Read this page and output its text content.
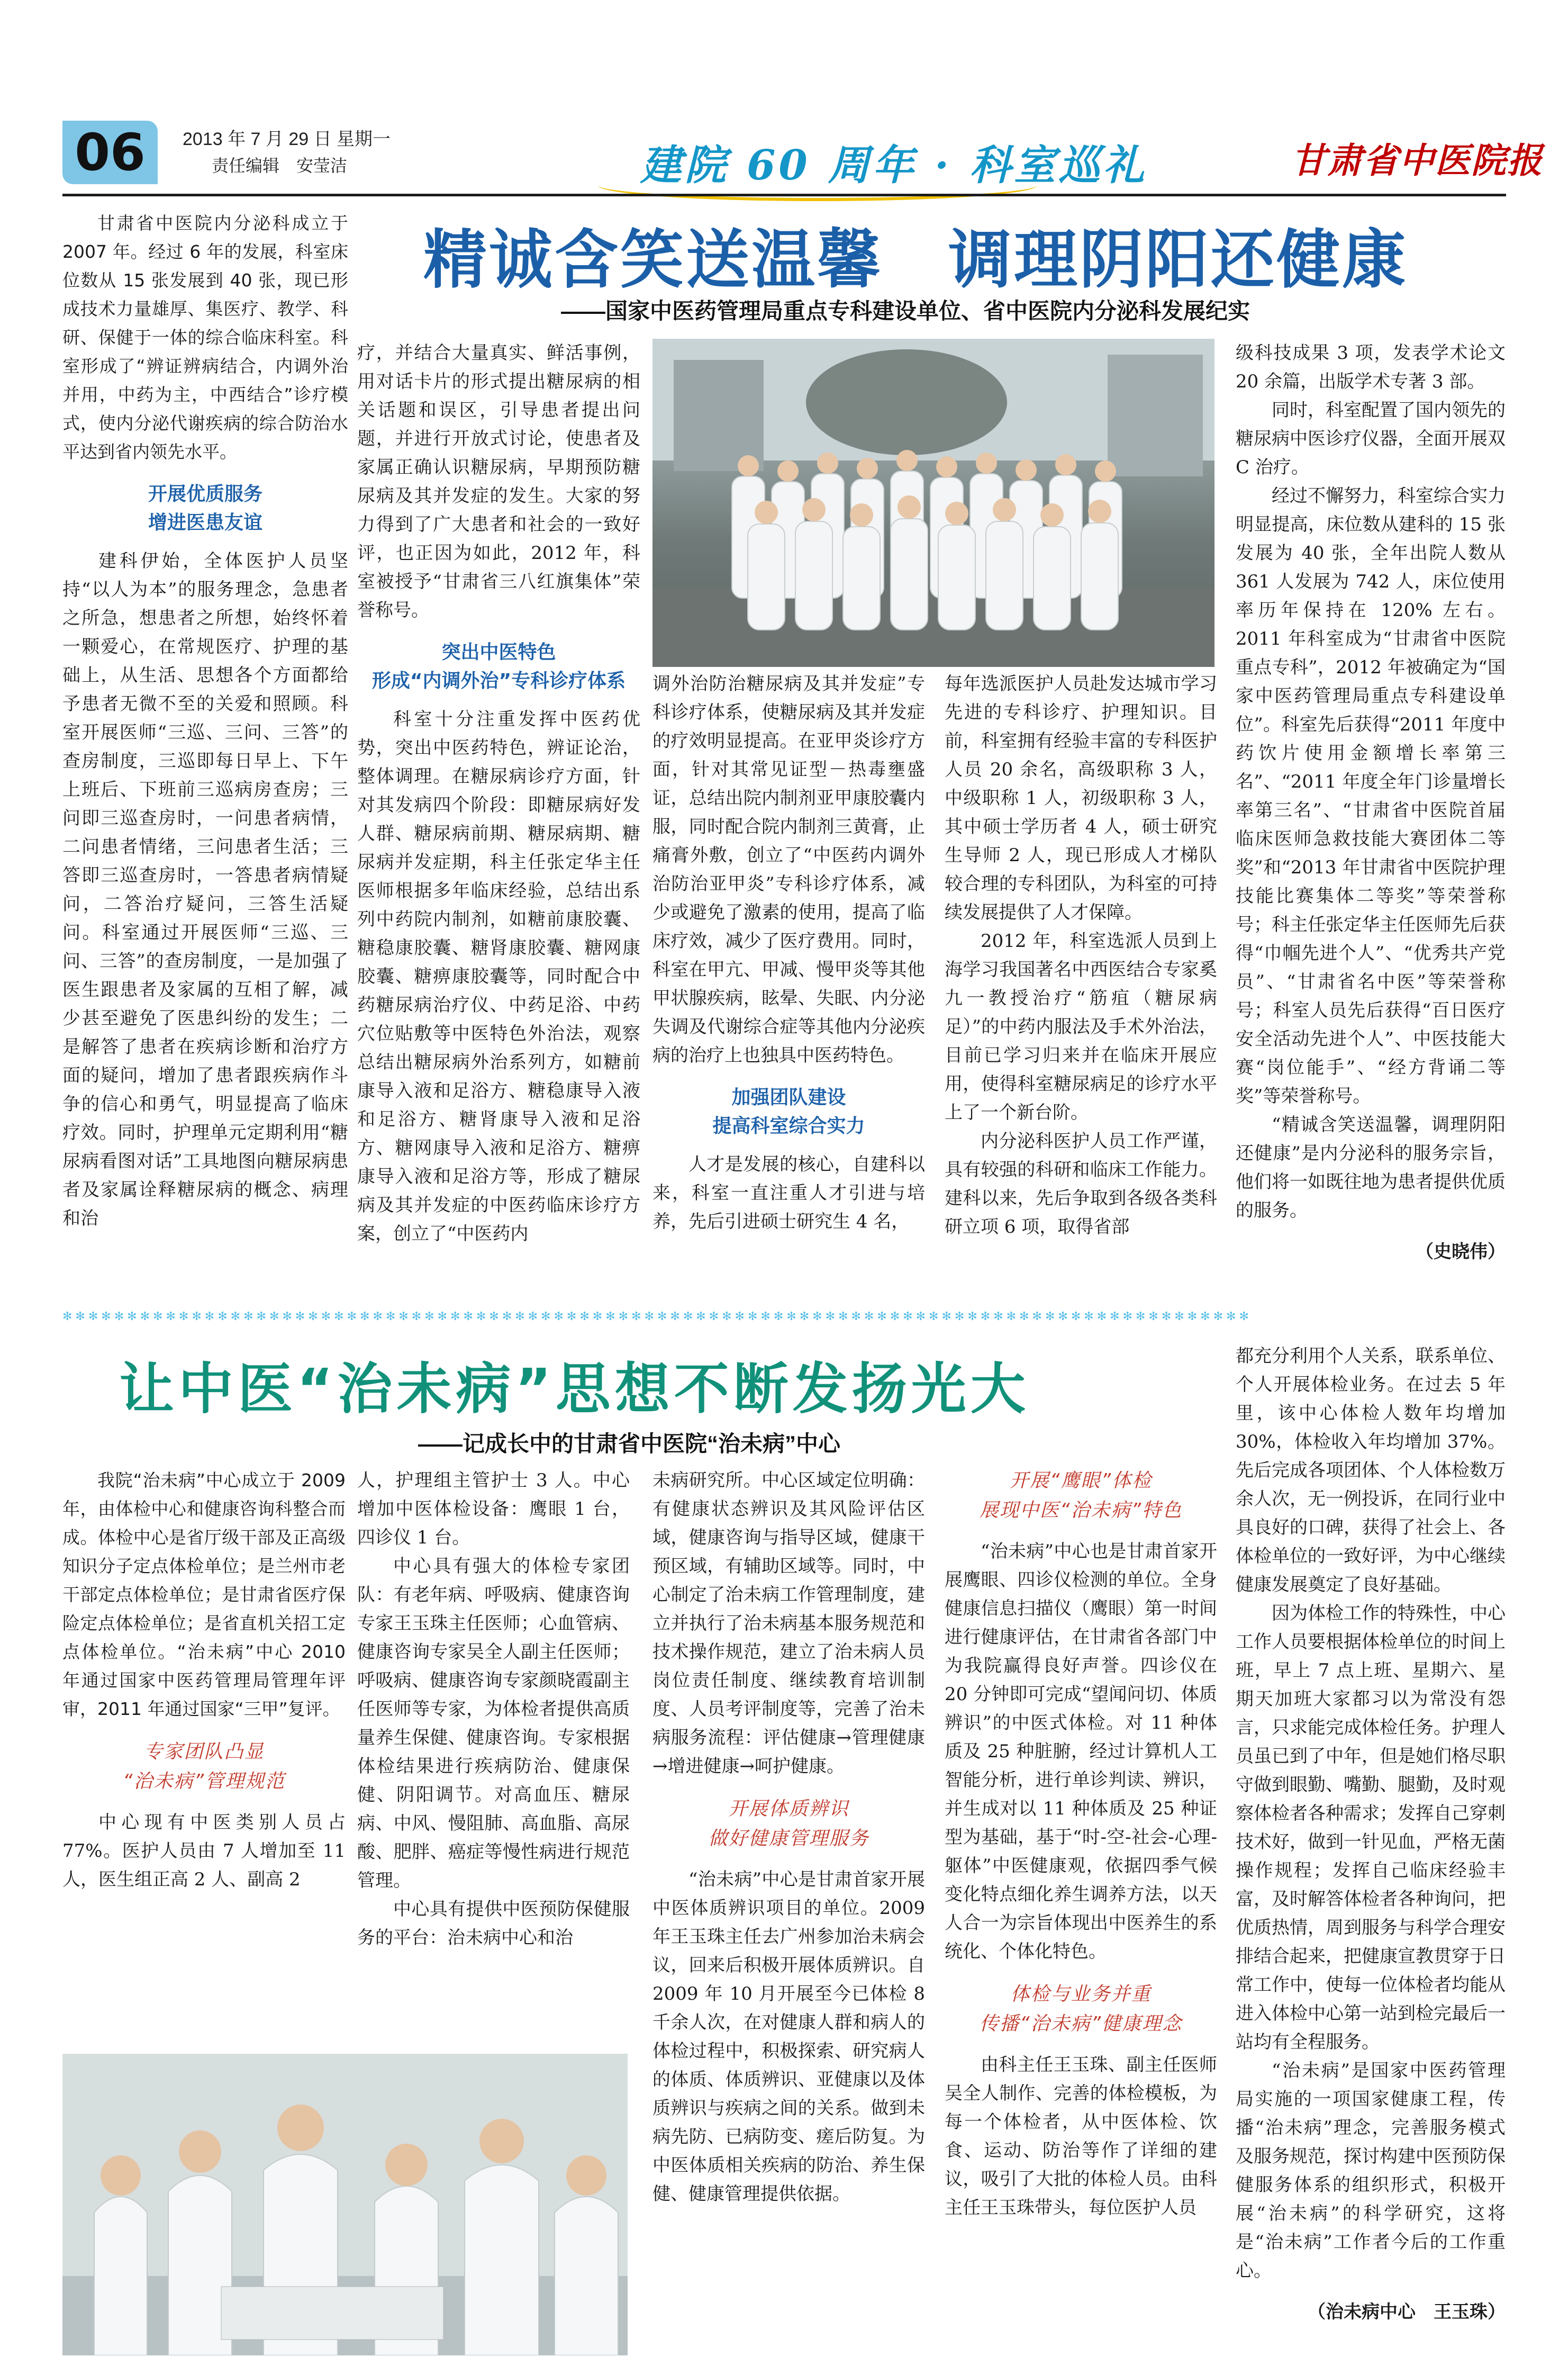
06	2013 年 7 月 29 日 星期一
责任编辑　安莹洁	建院 60 周年 · 科室巡礼	甘肃省中医院报
精诚含笑送温馨　调理阴阳还健康
——国家中医药管理局重点专科建设单位、省中医院内分泌科发展纪实

甘肃省中医院内分泌科成立于 2007 年。经过 6 年的发展，科室床位数从 15 张发展到 40 张，现已形成技术力量雄厚、集医疗、教学、科研、保健于一体的综合临床科室。科室形成了“辨证辨病结合，内调外治并用，中药为主，中西结合”诊疗模式，使内分泌代谢疾病的综合防治水平达到省内领先水平。

开展优质服务
增进医患友谊

建科伊始，全体医护人员坚持“以人为本”的服务理念，急患者之所急，想患者之所想，始终怀着一颗爱心，在常规医疗、护理的基础上，从生活、思想各个方面都给予患者无微不至的关爱和照顾。科室开展医师“三巡、三问、三答”的查房制度，三巡即每日早上、下午上班后、下班前三巡病房查房；三问即三巡查房时，一问患者病情，二问患者情绪，三问患者生活；三答即三巡查房时，一答患者病情疑问，二答治疗疑问，三答生活疑问。科室通过开展医师“三巡、三问、三答”的查房制度，一是加强了医生跟患者及家属的互相了解，减少甚至避免了医患纠纷的发生；二是解答了患者在疾病诊断和治疗方面的疑问，增加了患者跟疾病作斗争的信心和勇气，明显提高了临床疗效。同时，护理单元定期利用“糖尿病看图对话”工具地图向糖尿病患者及家属诠释糖尿病的概念、病理和治

疗，并结合大量真实、鲜活事例，用对话卡片的形式提出糖尿病的相关话题和误区，引导患者提出问题，并进行开放式讨论，使患者及家属正确认识糖尿病，早期预防糖尿病及其并发症的发生。大家的努力得到了广大患者和社会的一致好评，也正因为如此，2012 年，科室被授予“甘肃省三八红旗集体”荣誉称号。

突出中医特色
形成“内调外治”专科诊疗体系

科室十分注重发挥中医药优势，突出中医药特色，辨证论治，整体调理。在糖尿病诊疗方面，针对其发病四个阶段：即糖尿病好发人群、糖尿病前期、糖尿病期、糖尿病并发症期，科主任张定华主任医师根据多年临床经验，总结出系列中药院内制剂，如糖前康胶囊、糖稳康胶囊、糖肾康胶囊、糖网康胶囊、糖痹康胶囊等，同时配合中药糖尿病治疗仪、中药足浴、中药穴位贴敷等中医特色外治法，观察总结出糖尿病外治系列方，如糖前康导入液和足浴方、糖稳康导入液和足浴方、糖肾康导入液和足浴方、糖网康导入液和足浴方、糖痹康导入液和足浴方等，形成了糖尿病及其并发症的中医药临床诊疗方案，创立了“中医药内

调外治防治糖尿病及其并发症”专科诊疗体系，使糖尿病及其并发症的疗效明显提高。在亚甲炎诊疗方面，针对其常见证型－热毒壅盛证，总结出院内制剂亚甲康胶囊内服，同时配合院内制剂三黄膏，止痛膏外敷，创立了“中医药内调外治防治亚甲炎”专科诊疗体系，减少或避免了激素的使用，提高了临床疗效，减少了医疗费用。同时，科室在甲亢、甲减、慢甲炎等其他甲状腺疾病，眩晕、失眠、内分泌失调及代谢综合症等其他内分泌疾病的治疗上也独具中医药特色。

加强团队建设
提高科室综合实力

人才是发展的核心，自建科以来，科室一直注重人才引进与培养，先后引进硕士研究生 4 名，

每年选派医护人员赴发达城市学习先进的专科诊疗、护理知识。目前，科室拥有经验丰富的专科医护人员 20 余名，高级职称 3 人，中级职称 1 人，初级职称 3 人，其中硕士学历者 4 人，硕士研究生导师 2 人，现已形成人才梯队较合理的专科团队，为科室的可持续发展提供了人才保障。

2012 年，科室选派人员到上海学习我国著名中西医结合专家奚九一教授治疗“筋疽（糖尿病足）”的中药内服法及手术外治法，目前已学习归来并在临床开展应用，使得科室糖尿病足的诊疗水平上了一个新台阶。

内分泌科医护人员工作严谨，具有较强的科研和临床工作能力。建科以来，先后争取到各级各类科研立项 6 项，取得省部

级科技成果 3 项，发表学术论文 20 余篇，出版学术专著 3 部。

同时，科室配置了国内领先的糖尿病中医诊疗仪器，全面开展双 C 治疗。

经过不懈努力，科室综合实力明显提高，床位数从建科的 15 张发展为 40 张，全年出院人数从 361 人发展为 742 人，床位使用率历年保持在 120% 左右。2011 年科室成为“甘肃省中医院重点专科”，2012 年被确定为“国家中医药管理局重点专科建设单位”。科室先后获得“2011 年度中药饮片使用金额增长率第三名”、“2011 年度全年门诊量增长率第三名”、“甘肃省中医院首届临床医师急救技能大赛团体二等奖”和“2013 年甘肃省中医院护理技能比赛集体二等奖”等荣誉称号；科主任张定华主任医师先后获得“巾帼先进个人”、“优秀共产党员”、“甘肃省名中医”等荣誉称号；科室人员先后获得“百日医疗安全活动先进个人”、中医技能大赛“岗位能手”、“经方背诵二等奖”等荣誉称号。

“精诚含笑送温馨，调理阴阳还健康”是内分泌科的服务宗旨，他们将一如既往地为患者提供优质的服务。

（史晓伟）
✻✻✻✻✻✻✻✻✻✻✻✻✻✻✻✻✻✻✻✻✻✻✻✻✻✻✻✻✻✻✻✻✻✻✻✻✻✻✻✻✻✻✻✻✻✻✻✻✻✻✻✻✻✻✻✻✻✻✻✻✻✻✻✻✻✻✻✻✻✻✻✻✻✻✻✻✻✻✻✻✻✻✻✻✻✻✻✻✻✻✻✻
让中医“治未病”思想不断发扬光大
——记成长中的甘肃省中医院“治未病”中心

我院“治未病”中心成立于 2009 年，由体检中心和健康咨询科整合而成。体检中心是省厅级干部及正高级知识分子定点体检单位；是兰州市老干部定点体检单位；是甘肃省医疗保险定点体检单位；是省直机关招工定点体检单位。“治未病”中心 2010 年通过国家中医药管理局管理年评审，2011 年通过国家“三甲”复评。

专家团队凸显
“治未病”管理规范

中心现有中医类别人员占 77%。医护人员由 7 人增加至 11 人，医生组正高 2 人、副高 2

人，护理组主管护士 3 人。中心增加中医体检设备：鹰眼 1 台，四诊仪 1 台。

中心具有强大的体检专家团队：有老年病、呼吸病、健康咨询专家王玉珠主任医师；心血管病、健康咨询专家吴全人副主任医师；呼吸病、健康咨询专家颜晓霞副主任医师等专家，为体检者提供高质量养生保健、健康咨询。专家根据体检结果进行疾病防治、健康保健、阴阳调节。对高血压、糖尿病、中风、慢阻肺、高血脂、高尿酸、肥胖、癌症等慢性病进行规范管理。

中心具有提供中医预防保健服务的平台：治未病中心和治

未病研究所。中心区域定位明确：有健康状态辨识及其风险评估区域，健康咨询与指导区域，健康干预区域，有辅助区域等。同时，中心制定了治未病工作管理制度，建立并执行了治未病基本服务规范和技术操作规范，建立了治未病人员岗位责任制度、继续教育培训制度、人员考评制度等，完善了治未病服务流程：评估健康→管理健康→增进健康→呵护健康。

开展体质辨识
做好健康管理服务

“治未病”中心是甘肃首家开展中医体质辨识项目的单位。2009 年王玉珠主任去广州参加治未病会议，回来后积极开展体质辨识。自 2009 年 10 月开展至今已体检 8 千余人次，在对健康人群和病人的体检过程中，积极探索、研究病人的体质、体质辨识、亚健康以及体质辨识与疾病之间的关系。做到未病先防、已病防变、瘥后防复。为中医体质相关疾病的防治、养生保健、健康管理提供依据。

开展“鹰眼”体检
展现中医“治未病”特色

“治未病”中心也是甘肃首家开展鹰眼、四诊仪检测的单位。全身健康信息扫描仪（鹰眼）第一时间进行健康评估，在甘肃省各部门中为我院赢得良好声誉。四诊仪在 20 分钟即可完成“望闻问切、体质辨识”的中医式体检。对 11 种体质及 25 种脏腑，经过计算机人工智能分析，进行单诊判读、辨识，并生成对以 11 种体质及 25 种证型为基础，基于“时-空-社会-心理-躯体”中医健康观，依据四季气候变化特点细化养生调养方法，以天人合一为宗旨体现出中医养生的系统化、个体化特色。

体检与业务并重
传播“治未病”健康理念

由科主任王玉珠、副主任医师吴全人制作、完善的体检模板，为每一个体检者，从中医体检、饮食、运动、防治等作了详细的建议，吸引了大批的体检人员。由科主任王玉珠带头，每位医护人员

都充分利用个人关系，联系单位、个人开展体检业务。在过去 5 年里，该中心体检人数年均增加 30%，体检收入年均增加 37%。先后完成各项团体、个人体检数万余人次，无一例投诉，在同行业中具良好的口碑，获得了社会上、各体检单位的一致好评，为中心继续健康发展奠定了良好基础。

因为体检工作的特殊性，中心工作人员要根据体检单位的时间上班，早上 7 点上班、星期六、星期天加班大家都习以为常没有怨言，只求能完成体检任务。护理人员虽已到了中年，但是她们格尽职守做到眼勤、嘴勤、腿勤，及时观察体检者各种需求；发挥自己穿刺技术好，做到一针见血，严格无菌操作规程；发挥自己临床经验丰富，及时解答体检者各种询问，把优质热情，周到服务与科学合理安排结合起来，把健康宣教贯穿于日常工作中，使每一位体检者均能从进入体检中心第一站到检完最后一站均有全程服务。

“治未病”是国家中医药管理局实施的一项国家健康工程，传播“治未病”理念，完善服务模式及服务规范，探讨构建中医预防保健服务体系的组织形式，积极开展“治未病”的科学研究，这将是“治未病”工作者今后的工作重心。

（治未病中心　王玉珠）
